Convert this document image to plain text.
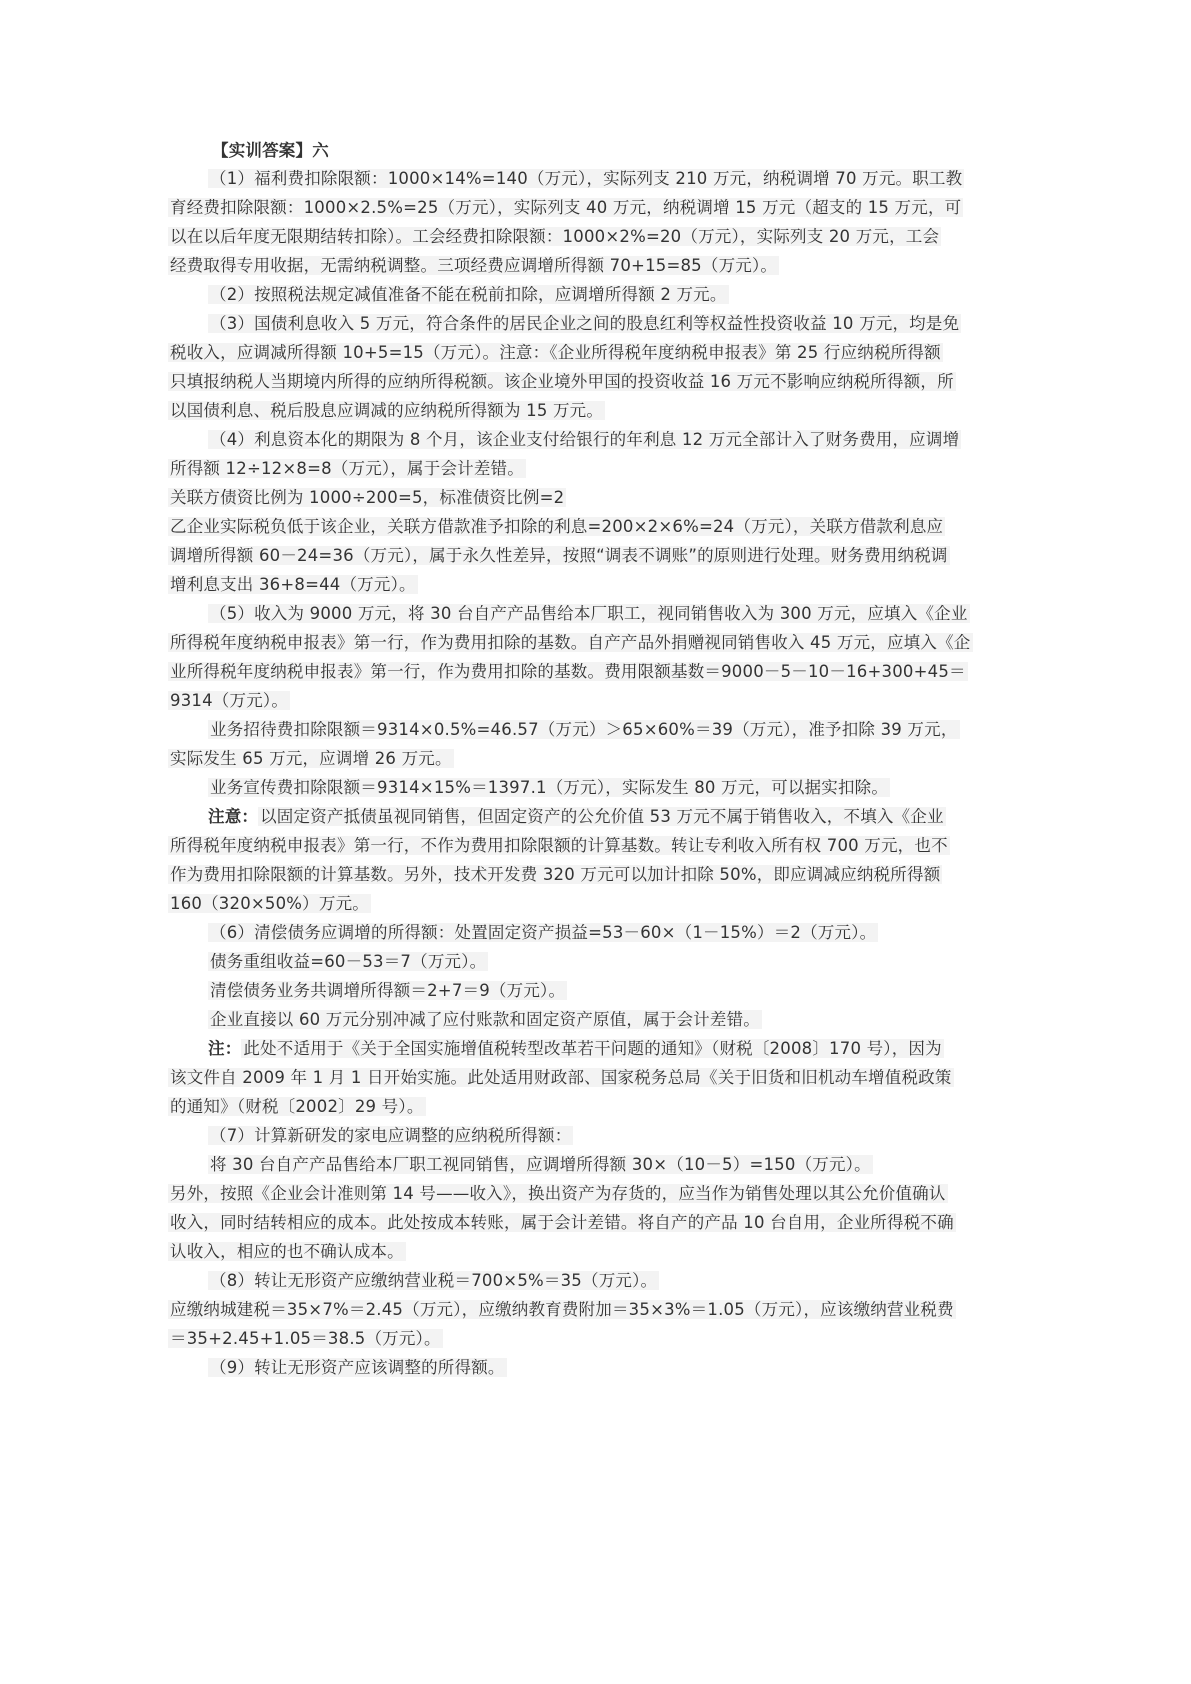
【实训答案】六
（1）福利费扣除限额：1000×14%=140（万元），实际列支 210 万元，纳税调增 70 万元。职工教
育经费扣除限额：1000×2.5%=25（万元），实际列支 40 万元，纳税调增 15 万元（超支的 15 万元，可
以在以后年度无限期结转扣除）。工会经费扣除限额：1000×2%=20（万元），实际列支 20 万元，工会
经费取得专用收据，无需纳税调整。三项经费应调增所得额 70+15=85（万元）。
（2）按照税法规定减值准备不能在税前扣除，应调增所得额 2 万元。
（3）国债利息收入 5 万元，符合条件的居民企业之间的股息红利等权益性投资收益 10 万元，均是免
税收入，应调减所得额 10+5=15（万元）。注意：《企业所得税年度纳税申报表》第 25 行应纳税所得额
只填报纳税人当期境内所得的应纳所得税额。该企业境外甲国的投资收益 16 万元不影响应纳税所得额，所
以国债利息、税后股息应调减的应纳税所得额为 15 万元。
（4）利息资本化的期限为 8 个月，该企业支付给银行的年利息 12 万元全部计入了财务费用，应调增
所得额 12÷12×8=8（万元），属于会计差错。
关联方债资比例为 1000÷200=5，标准债资比例=2
乙企业实际税负低于该企业，关联方借款准予扣除的利息=200×2×6%=24（万元），关联方借款利息应
调增所得额 60－24=36（万元），属于永久性差异，按照“调表不调账”的原则进行处理。财务费用纳税调
增利息支出 36+8=44（万元）。
（5）收入为 9000 万元，将 30 台自产产品售给本厂职工，视同销售收入为 300 万元，应填入《企业
所得税年度纳税申报表》第一行，作为费用扣除的基数。自产产品外捐赠视同销售收入 45 万元，应填入《企
业所得税年度纳税申报表》第一行，作为费用扣除的基数。费用限额基数＝9000－5－10－16+300+45＝
9314（万元）。
业务招待费扣除限额＝9314×0.5%=46.57（万元）＞65×60%＝39（万元），准予扣除 39 万元，
实际发生 65 万元，应调增 26 万元。
业务宣传费扣除限额＝9314×15%＝1397.1（万元），实际发生 80 万元，可以据实扣除。
注意： 以固定资产抵债虽视同销售，但固定资产的公允价值 53 万元不属于销售收入，不填入《企业
所得税年度纳税申报表》第一行，不作为费用扣除限额的计算基数。转让专利收入所有权 700 万元，也不
作为费用扣除限额的计算基数。另外，技术开发费 320 万元可以加计扣除 50%，即应调减应纳税所得额
160（320×50%）万元。
（6）清偿债务应调增的所得额：处置固定资产损益=53－60×（1－15%）＝2（万元）。
债务重组收益=60－53＝7（万元）。
清偿债务业务共调增所得额＝2+7＝9（万元）。
企业直接以 60 万元分别冲减了应付账款和固定资产原值，属于会计差错。
注： 此处不适用于《关于全国实施增值税转型改革若干问题的通知》（财税〔2008〕170 号），因为
该文件自 2009 年 1 月 1 日开始实施。此处适用财政部、国家税务总局《关于旧货和旧机动车增值税政策
的通知》（财税〔2002〕29 号）。
（7）计算新研发的家电应调整的应纳税所得额：
将 30 台自产产品售给本厂职工视同销售，应调增所得额 30×（10－5）=150（万元）。
另外，按照《企业会计准则第 14 号——收入》，换出资产为存货的，应当作为销售处理以其公允价值确认
收入，同时结转相应的成本。此处按成本转账，属于会计差错。将自产的产品 10 台自用，企业所得税不确
认收入，相应的也不确认成本。
（8）转让无形资产应缴纳营业税＝700×5%＝35（万元）。
应缴纳城建税＝35×7%＝2.45（万元），应缴纳教育费附加＝35×3%＝1.05（万元），应该缴纳营业税费
＝35+2.45+1.05＝38.5（万元）。
（9）转让无形资产应该调整的所得额。
